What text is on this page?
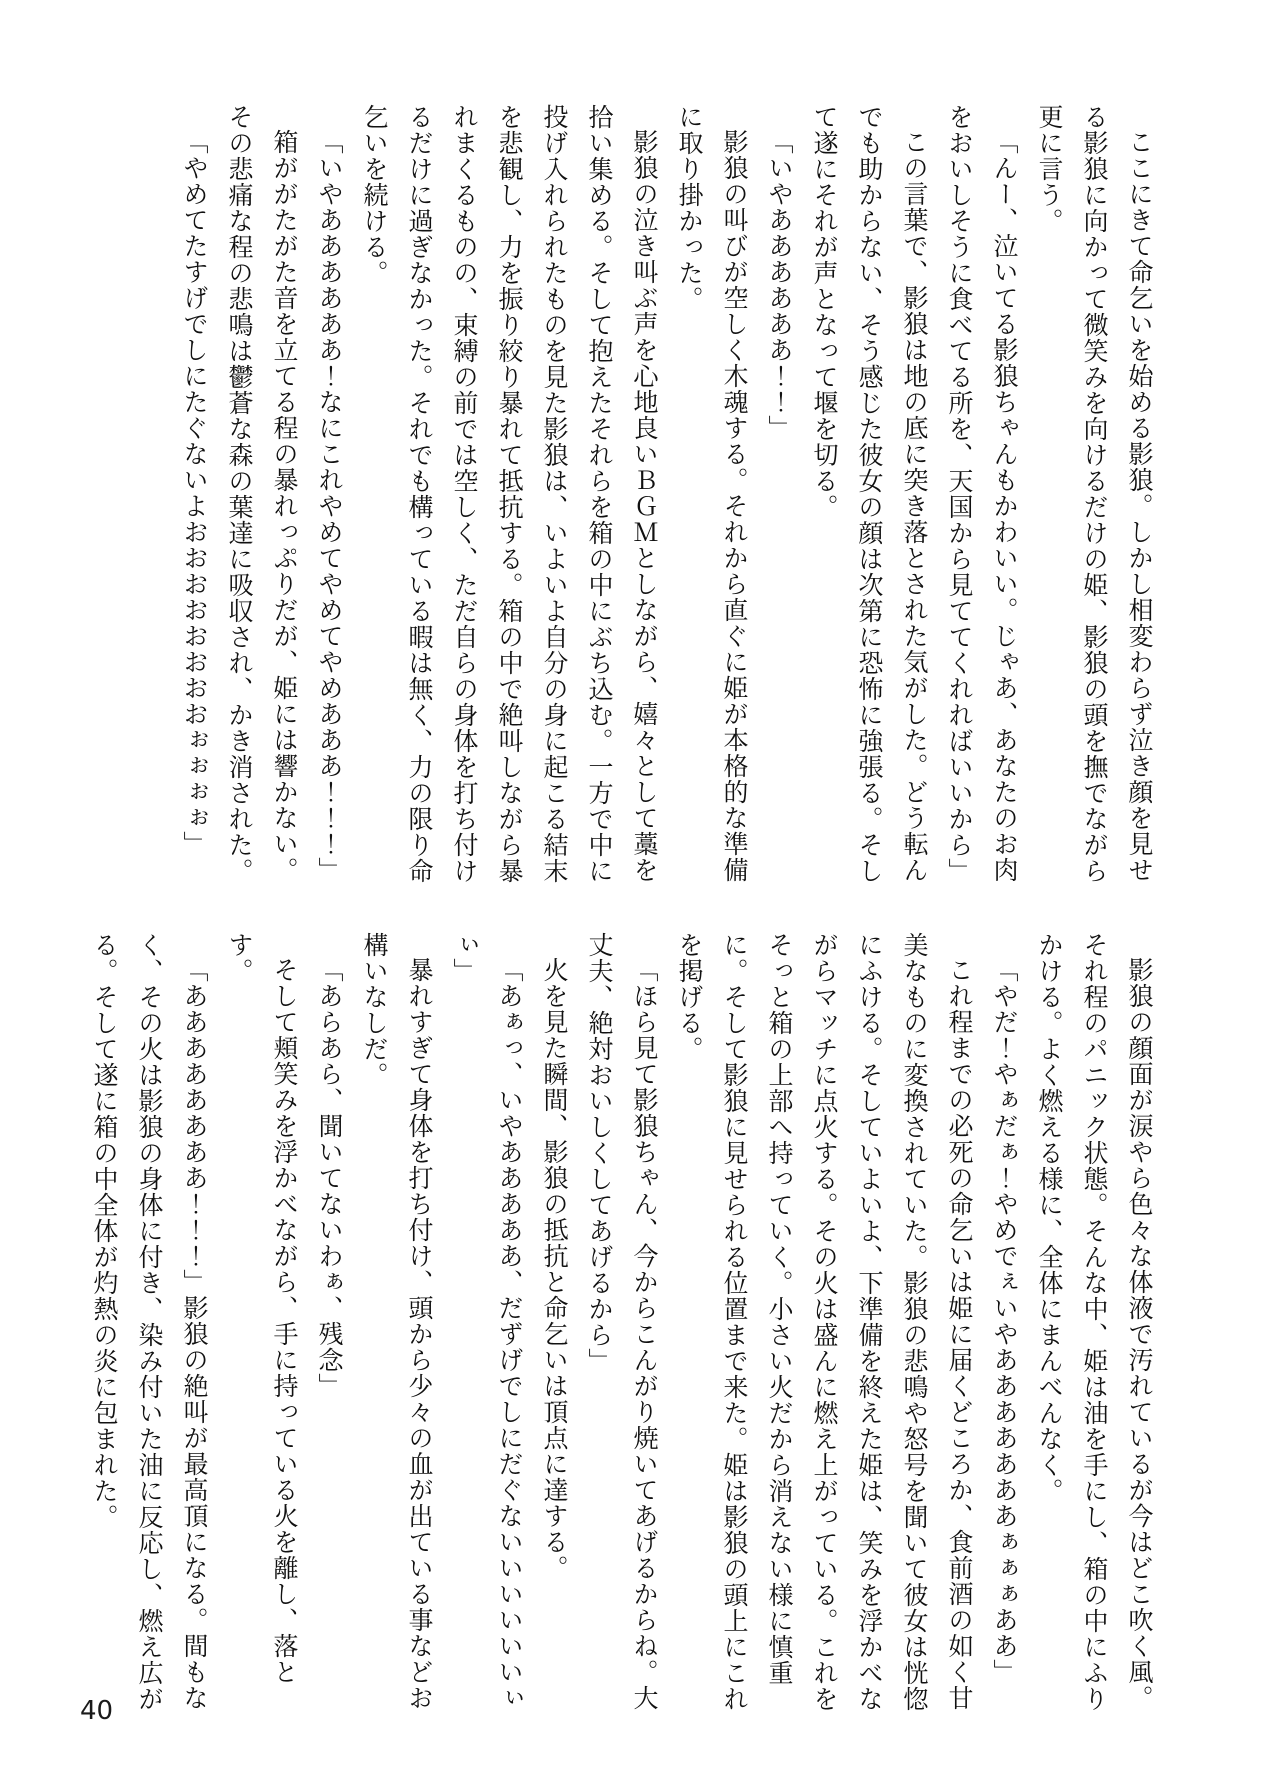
ここにきて命乞いを始める影狼。しかし相変わらず泣き顔を見せる影狼に向かって微笑みを向けるだけの姫、影狼の頭を撫でながら更に言う。

「んー、泣いてる影狼ちゃんもかわいい。じゃあ、あなたのお肉をおいしそうに食べてる所を、天国から見ててくれればいいから」

この言葉で、影狼は地の底に突き落とされた気がした。どう転んでも助からない、そう感じた彼女の顔は次第に恐怖に強張る。そして遂にそれが声となって堰を切る。

「いやああああああ！！」

影狼の叫びが空しく木魂する。それから直ぐに姫が本格的な準備に取り掛かった。

影狼の泣き叫ぶ声を心地良いＢＧＭとしながら、嬉々として藁を拾い集める。そして抱えたそれらを箱の中にぶち込む。一方で中に投げ入れられたものを見た影狼は、いよいよ自分の身に起こる結末を悲観し、力を振り絞り暴れて抵抗する。箱の中で絶叫しながら暴れまくるものの、束縛の前では空しく、ただ自らの身体を打ち付けるだけに過ぎなかった。それでも構っている暇は無く、力の限り命乞いを続ける。

「いやああああああ！なにこれやめてやめてやめあああ！！！」

箱ががたがた音を立てる程の暴れっぷりだが、姫には響かない。その悲痛な程の悲鳴は鬱蒼な森の葉達に吸収され、かき消された。

「やめてたすげでしにたぐないよおおおおおおおおぉぉぉぉ」

影狼の顔面が涙やら色々な体液で汚れているが今はどこ吹く風。それ程のパニック状態。そんな中、姫は油を手にし、箱の中にふりかける。よく燃える様に、全体にまんべんなく。

「やだ！やぁだぁ！やめでぇいやあああああああぁぁぁああ」

これ程までの必死の命乞いは姫に届くどころか、食前酒の如く甘美なものに変換されていた。影狼の悲鳴や怒号を聞いて彼女は恍惚にふける。そしていよいよ、下準備を終えた姫は、笑みを浮かべながらマッチに点火する。その火は盛んに燃え上がっている。これをそっと箱の上部へ持っていく。小さい火だから消えない様に慎重に。そして影狼に見せられる位置まで来た。姫は影狼の頭上にこれを掲げる。

「ほら見て影狼ちゃん、今からこんがり焼いてあげるからね。大丈夫、絶対おいしくしてあげるから」

火を見た瞬間、影狼の抵抗と命乞いは頂点に達する。

「あぁっ、いやあああああ、だずげでしにだぐないいいいいいぃぃ」

暴れすぎて身体を打ち付け、頭から少々の血が出ている事などお構いなしだ。

「あらあら、聞いてないわぁ、残念」

そして頬笑みを浮かべながら、手に持っている火を離し、落とす。

「ああああああああ！！！」影狼の絶叫が最高頂になる。間もなく、その火は影狼の身体に付き、染み付いた油に反応し、燃え広がる。そして遂に箱の中全体が灼熱の炎に包まれた。

40
